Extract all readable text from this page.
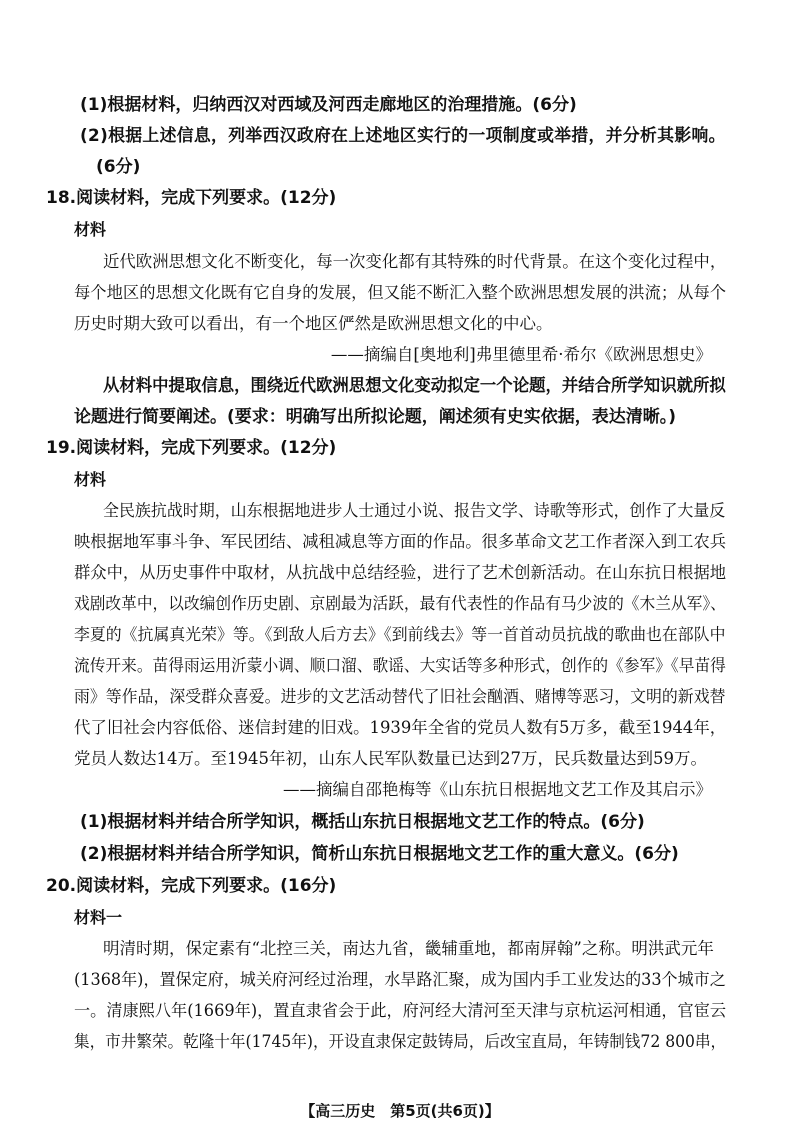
(1)根据材料，归纳西汉对西域及河西走廊地区的治理措施。(6分)
(2)根据上述信息，列举西汉政府在上述地区实行的一项制度或举措，并分析其影响。
(6分)
18.阅读材料，完成下列要求。(12分)
材料
近代欧洲思想文化不断变化，每一次变化都有其特殊的时代背景。在这个变化过程中，
每个地区的思想文化既有它自身的发展，但又能不断汇入整个欧洲思想发展的洪流；从每个
历史时期大致可以看出，有一个地区俨然是欧洲思想文化的中心。
——摘编自[奥地利]弗里德里希·希尔《欧洲思想史》
从材料中提取信息，围绕近代欧洲思想文化变动拟定一个论题，并结合所学知识就所拟
论题进行简要阐述。(要求：明确写出所拟论题，阐述须有史实依据，表达清晰。)
19.阅读材料，完成下列要求。(12分)
材料
全民族抗战时期，山东根据地进步人士通过小说、报告文学、诗歌等形式，创作了大量反
映根据地军事斗争、军民团结、减租减息等方面的作品。很多革命文艺工作者深入到工农兵
群众中，从历史事件中取材，从抗战中总结经验，进行了艺术创新活动。在山东抗日根据地
戏剧改革中，以改编创作历史剧、京剧最为活跃，最有代表性的作品有马少波的《木兰从军》、
李夏的《抗属真光荣》等。《到敌人后方去》《到前线去》等一首首动员抗战的歌曲也在部队中
流传开来。苗得雨运用沂蒙小调、顺口溜、歌谣、大实话等多种形式，创作的《参军》《早苗得
雨》等作品，深受群众喜爱。进步的文艺活动替代了旧社会酗酒、赌博等恶习，文明的新戏替
代了旧社会内容低俗、迷信封建的旧戏。1939年全省的党员人数有5万多，截至1944年，
党员人数达14万。至1945年初，山东人民军队数量已达到27万，民兵数量达到59万。
——摘编自邵艳梅等《山东抗日根据地文艺工作及其启示》
(1)根据材料并结合所学知识，概括山东抗日根据地文艺工作的特点。(6分)
(2)根据材料并结合所学知识，简析山东抗日根据地文艺工作的重大意义。(6分)
20.阅读材料，完成下列要求。(16分)
材料一
明清时期，保定素有“北控三关，南达九省，畿辅重地，都南屏翰”之称。明洪武元年
(1368年)，置保定府，城关府河经过治理，水旱路汇聚，成为国内手工业发达的33个城市之
一。清康熙八年(1669年)，置直隶省会于此，府河经大清河至天津与京杭运河相通，官宦云
集，市井繁荣。乾隆十年(1745年)，开设直隶保定鼓铸局，后改宝直局，年铸制钱72 800串，
【高三历史　第5页(共6页)】
